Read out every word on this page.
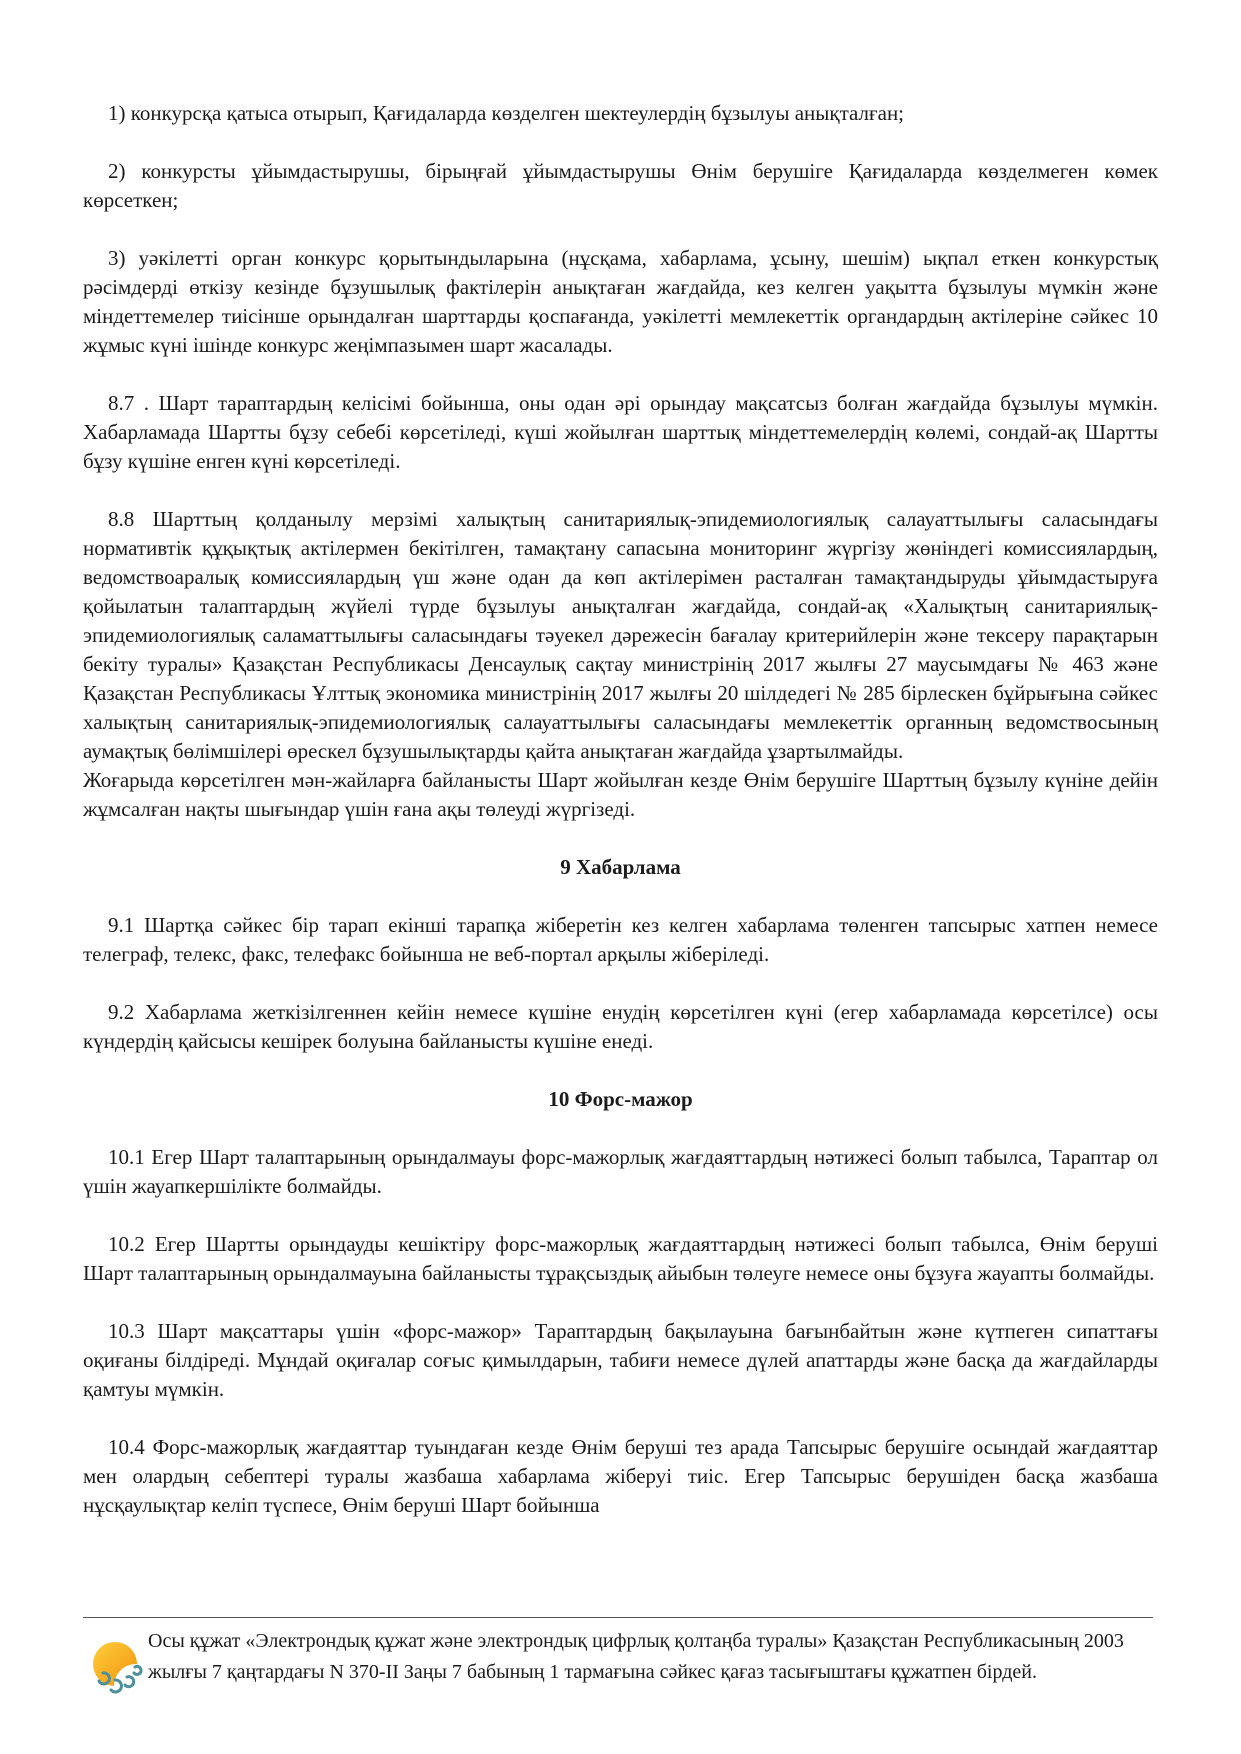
1) конкурсқа қатыса отырып, Қағидаларда көзделген шектеулердің бұзылуы анықталған;

2) конкурсты ұйымдастырушы, бірыңғай ұйымдастырушы Өнім берушіге Қағидаларда көзделмеген көмек көрсеткен;

3) уәкілетті орган конкурс қорытындыларына (нұсқама, хабарлама, ұсыну, шешім) ықпал еткен конкурстық рәсімдерді өткізу кезінде бұзушылық фактілерін анықтаған жағдайда, кез келген уақытта бұзылуы мүмкін және міндеттемелер тиісінше орындалған шарттарды қоспағанда, уәкілетті мемлекеттік органдардың актілеріне сәйкес 10 жұмыс күні ішінде конкурс жеңімпазымен шарт жасалады.

8.7 . Шарт тараптардың келісімі бойынша, оны одан әрі орындау мақсатсыз болған жағдайда бұзылуы мүмкін. Хабарламада Шартты бұзу себебі көрсетіледі, күші жойылған шарттық міндеттемелердің көлемі, сондай-ақ Шартты бұзу күшіне енген күні көрсетіледі.

8.8 Шарттың қолданылу мерзімі халықтың санитариялық-эпидемиологиялық салауаттылығы саласындағы нормативтік құқықтық актілермен бекітілген, тамақтану сапасына мониторинг жүргізу жөніндегі комиссиялардың, ведомствоаралық комиссиялардың үш және одан да көп актілерімен расталған тамақтандыруды ұйымдастыруға қойылатын талаптардың жүйелі түрде бұзылуы анықталған жағдайда, сондай-ақ «Халықтың санитариялық-эпидемиологиялық саламаттылығы саласындағы тәуекел дәрежесін бағалау критерийлерін және тексеру парақтарын бекіту туралы» Қазақстан Республикасы Денсаулық сақтау министрінің 2017 жылғы 27 маусымдағы № 463 және Қазақстан Республикасы Ұлттық экономика министрінің 2017 жылғы 20 шілдедегі № 285 бірлескен бұйрығына сәйкес халықтың санитариялық-эпидемиологиялық салауаттылығы саласындағы мемлекеттік органның ведомствосының аумақтық бөлімшілері өрескел бұзушылықтарды қайта анықтаған жағдайда ұзартылмайды.

Жоғарыда көрсетілген мән-жайларға байланысты Шарт жойылған кезде Өнім берушіге Шарттың бұзылу күніне дейін жұмсалған нақты шығындар үшін ғана ақы төлеуді жүргізеді.

9 Хабарлама

9.1 Шартқа сәйкес бір тарап екінші тарапқа жіберетін кез келген хабарлама төленген тапсырыс хатпен немесе телеграф, телекс, факс, телефакс бойынша не веб-портал арқылы жіберіледі.

9.2 Хабарлама жеткізілгеннен кейін немесе күшіне енудің көрсетілген күні (егер хабарламада көрсетілсе) осы күндердің қайсысы кешірек болуына байланысты күшіне енеді.

10 Форс-мажор

10.1 Егер Шарт талаптарының орындалмауы форс-мажорлық жағдаяттардың нәтижесі болып табылса, Тараптар ол үшін жауапкершілікте болмайды.

10.2 Егер Шартты орындауды кешіктіру форс-мажорлық жағдаяттардың нәтижесі болып табылса, Өнім беруші Шарт талаптарының орындалмауына байланысты тұрақсыздық айыбын төлеуге немесе оны бұзуға жауапты болмайды.

10.3 Шарт мақсаттары үшін «форс-мажор» Тараптардың бақылауына бағынбайтын және күтпеген сипаттағы оқиғаны білдіреді. Мұндай оқиғалар соғыс қимылдарын, табиғи немесе дүлей апаттарды және басқа да жағдайларды қамтуы мүмкін.

10.4 Форс-мажорлық жағдаяттар туындаған кезде Өнім беруші тез арада Тапсырыс берушіге осындай жағдаяттар мен олардың себептері туралы жазбаша хабарлама жіберуі тиіс. Егер Тапсырыс берушіден басқа жазбаша нұсқаулықтар келіп түспесе, Өнім беруші Шарт бойынша

Осы құжат «Электрондық құжат және электрондық цифрлық қолтаңба туралы» Қазақстан Республикасының 2003 жылғы 7 қаңтардағы N 370-II Заңы 7 бабының 1 тармағына сәйкес қағаз тасығыштағы құжатпен бірдей.
